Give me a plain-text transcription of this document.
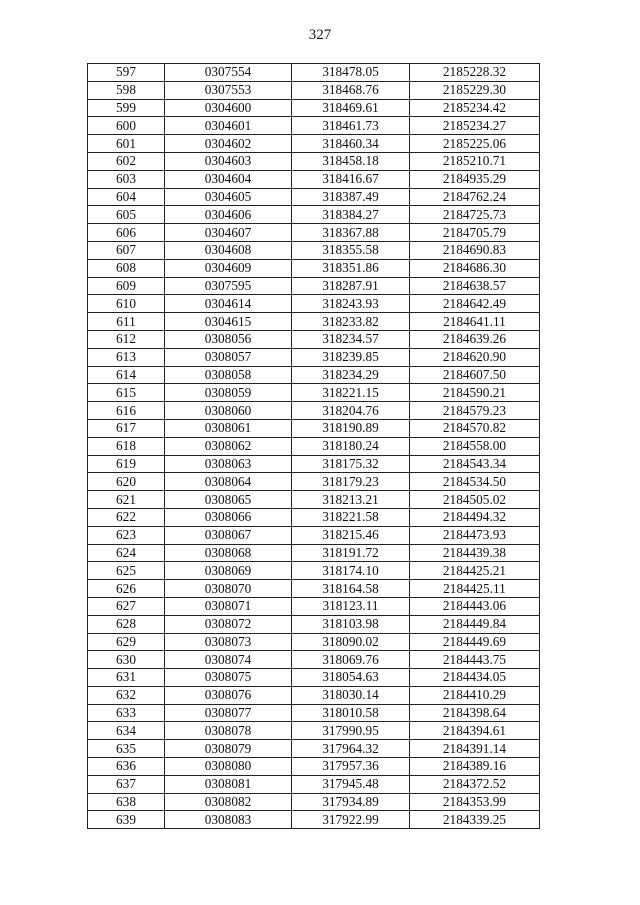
327
597	0307554	318478.05	2185228.32
598	0307553	318468.76	2185229.30
599	0304600	318469.61	2185234.42
600	0304601	318461.73	2185234.27
601	0304602	318460.34	2185225.06
602	0304603	318458.18	2185210.71
603	0304604	318416.67	2184935.29
604	0304605	318387.49	2184762.24
605	0304606	318384.27	2184725.73
606	0304607	318367.88	2184705.79
607	0304608	318355.58	2184690.83
608	0304609	318351.86	2184686.30
609	0307595	318287.91	2184638.57
610	0304614	318243.93	2184642.49
611	0304615	318233.82	2184641.11
612	0308056	318234.57	2184639.26
613	0308057	318239.85	2184620.90
614	0308058	318234.29	2184607.50
615	0308059	318221.15	2184590.21
616	0308060	318204.76	2184579.23
617	0308061	318190.89	2184570.82
618	0308062	318180.24	2184558.00
619	0308063	318175.32	2184543.34
620	0308064	318179.23	2184534.50
621	0308065	318213.21	2184505.02
622	0308066	318221.58	2184494.32
623	0308067	318215.46	2184473.93
624	0308068	318191.72	2184439.38
625	0308069	318174.10	2184425.21
626	0308070	318164.58	2184425.11
627	0308071	318123.11	2184443.06
628	0308072	318103.98	2184449.84
629	0308073	318090.02	2184449.69
630	0308074	318069.76	2184443.75
631	0308075	318054.63	2184434.05
632	0308076	318030.14	2184410.29
633	0308077	318010.58	2184398.64
634	0308078	317990.95	2184394.61
635	0308079	317964.32	2184391.14
636	0308080	317957.36	2184389.16
637	0308081	317945.48	2184372.52
638	0308082	317934.89	2184353.99
639	0308083	317922.99	2184339.25
